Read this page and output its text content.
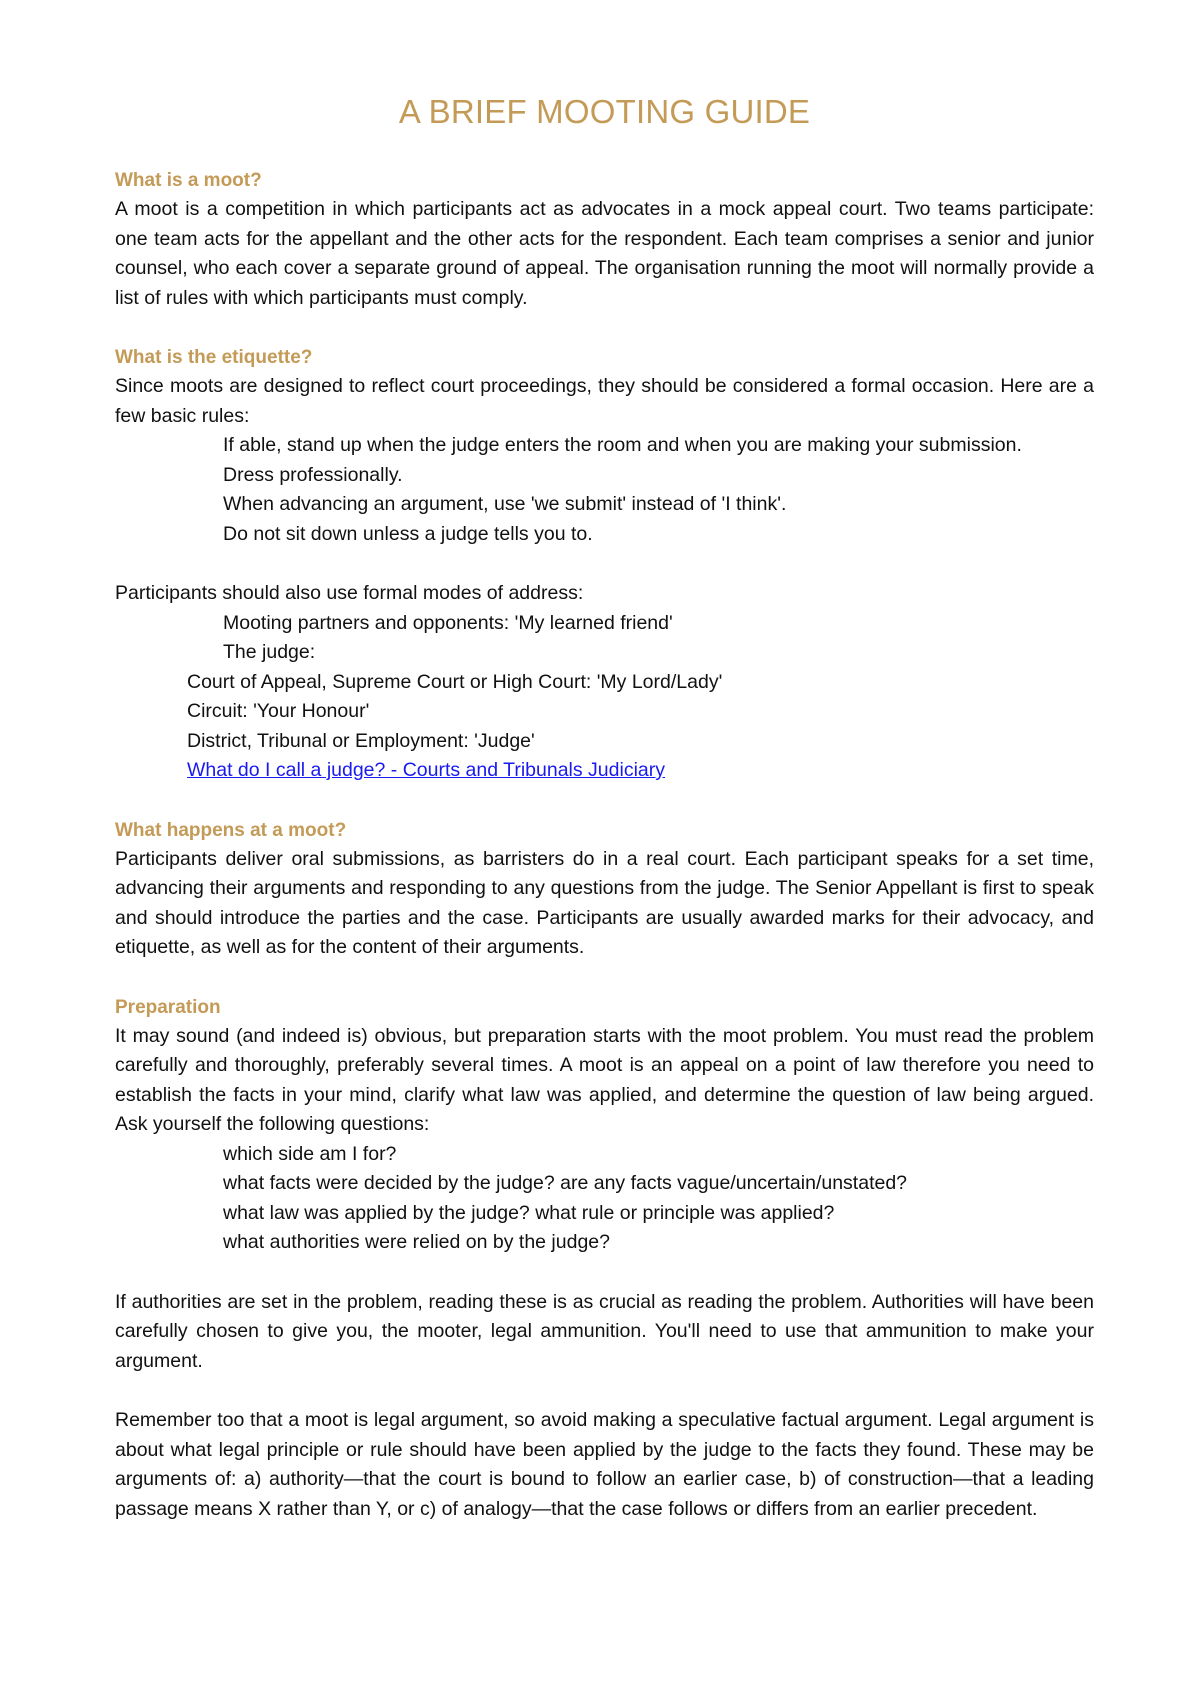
A BRIEF MOOTING GUIDE
What is a moot?

A moot is a competition in which participants act as advocates in a mock appeal court. Two teams participate: one team acts for the appellant and the other acts for the respondent. Each team comprises a senior and junior counsel, who each cover a separate ground of appeal. The organisation running the moot will normally provide a list of rules with which participants must comply.

What is the etiquette?

Since moots are designed to reflect court proceedings, they should be considered a formal occasion. Here are a few basic rules:

If able, stand up when the judge enters the room and when you are making your submission.
Dress professionally.
When advancing an argument, use 'we submit' instead of 'I think'.
Do not sit down unless a judge tells you to.

Participants should also use formal modes of address:

Mooting partners and opponents: 'My learned friend'
The judge:
Court of Appeal, Supreme Court or High Court: 'My Lord/Lady'
Circuit: 'Your Honour'
District, Tribunal or Employment: 'Judge'
What do I call a judge? - Courts and Tribunals Judiciary
What happens at a moot?

Participants deliver oral submissions, as barristers do in a real court. Each participant speaks for a set time, advancing their arguments and responding to any questions from the judge. The Senior Appellant is first to speak and should introduce the parties and the case. Participants are usually awarded marks for their advocacy, and etiquette, as well as for the content of their arguments.

Preparation

It may sound (and indeed is) obvious, but preparation starts with the moot problem. You must read the problem carefully and thoroughly, preferably several times. A moot is an appeal on a point of law therefore you need to establish the facts in your mind, clarify what law was applied, and determine the question of law being argued. Ask yourself the following questions:

which side am I for?
what facts were decided by the judge? are any facts vague/uncertain/unstated?
what law was applied by the judge? what rule or principle was applied?
what authorities were relied on by the judge?

If authorities are set in the problem, reading these is as crucial as reading the problem. Authorities will have been carefully chosen to give you, the mooter, legal ammunition. You'll need to use that ammunition to make your argument.

Remember too that a moot is legal argument, so avoid making a speculative factual argument. Legal argument is about what legal principle or rule should have been applied by the judge to the facts they found. These may be arguments of: a) authority—that the court is bound to follow an earlier case, b) of construction—that a leading passage means X rather than Y, or c) of analogy—that the case follows or differs from an earlier precedent.
